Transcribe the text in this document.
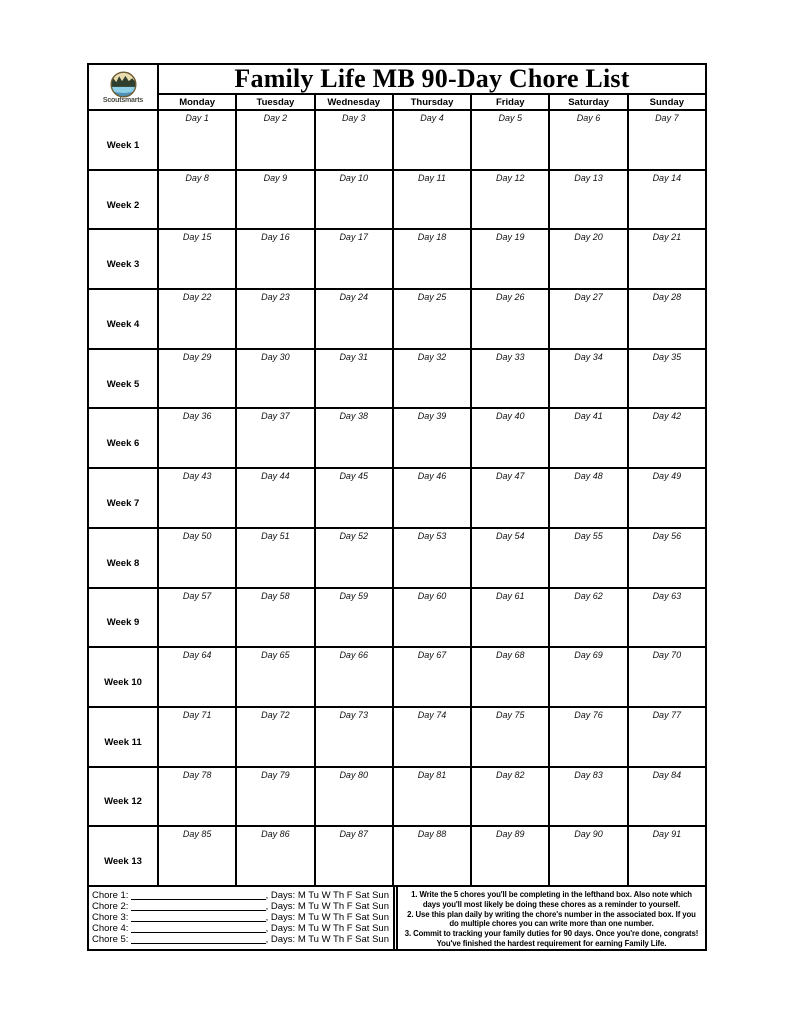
Scoutsmarts
Family Life MB 90-Day Chore List
Monday	Tuesday	Wednesday	Thursday	Friday	Saturday	Sunday
Week 1
Day 1	Day 2	Day 3	Day 4	Day 5	Day 6	Day 7
Week 2
Day 8	Day 9	Day 10	Day 11	Day 12	Day 13	Day 14
Week 3
Day 15	Day 16	Day 17	Day 18	Day 19	Day 20	Day 21
Week 4
Day 22	Day 23	Day 24	Day 25	Day 26	Day 27	Day 28
Week 5
Day 29	Day 30	Day 31	Day 32	Day 33	Day 34	Day 35
Week 6
Day 36	Day 37	Day 38	Day 39	Day 40	Day 41	Day 42
Week 7
Day 43	Day 44	Day 45	Day 46	Day 47	Day 48	Day 49
Week 8
Day 50	Day 51	Day 52	Day 53	Day 54	Day 55	Day 56
Week 9
Day 57	Day 58	Day 59	Day 60	Day 61	Day 62	Day 63
Week 10
Day 64	Day 65	Day 66	Day 67	Day 68	Day 69	Day 70
Week 11
Day 71	Day 72	Day 73	Day 74	Day 75	Day 76	Day 77
Week 12
Day 78	Day 79	Day 80	Day 81	Day 82	Day 83	Day 84
Week 13
Day 85	Day 86	Day 87	Day 88	Day 89	Day 90	Day 91
Chore 1:	, Days: M Tu W Th F Sat Sun
Chore 2:	, Days: M Tu W Th F Sat Sun
Chore 3:	, Days: M Tu W Th F Sat Sun
Chore 4:	, Days: M Tu W Th F Sat Sun
Chore 5:	, Days: M Tu W Th F Sat Sun
1. Write the 5 chores you'll be completing in the lefthand box. Also note which days you'll most likely be doing these chores as a reminder to yourself.
2. Use this plan daily by writing the chore's number in the associated box. If you do multiple chores you can write more than one number.
3. Commit to tracking your family duties for 90 days. Once you're done, congrats! You've finished the hardest requirement for earning Family Life.
